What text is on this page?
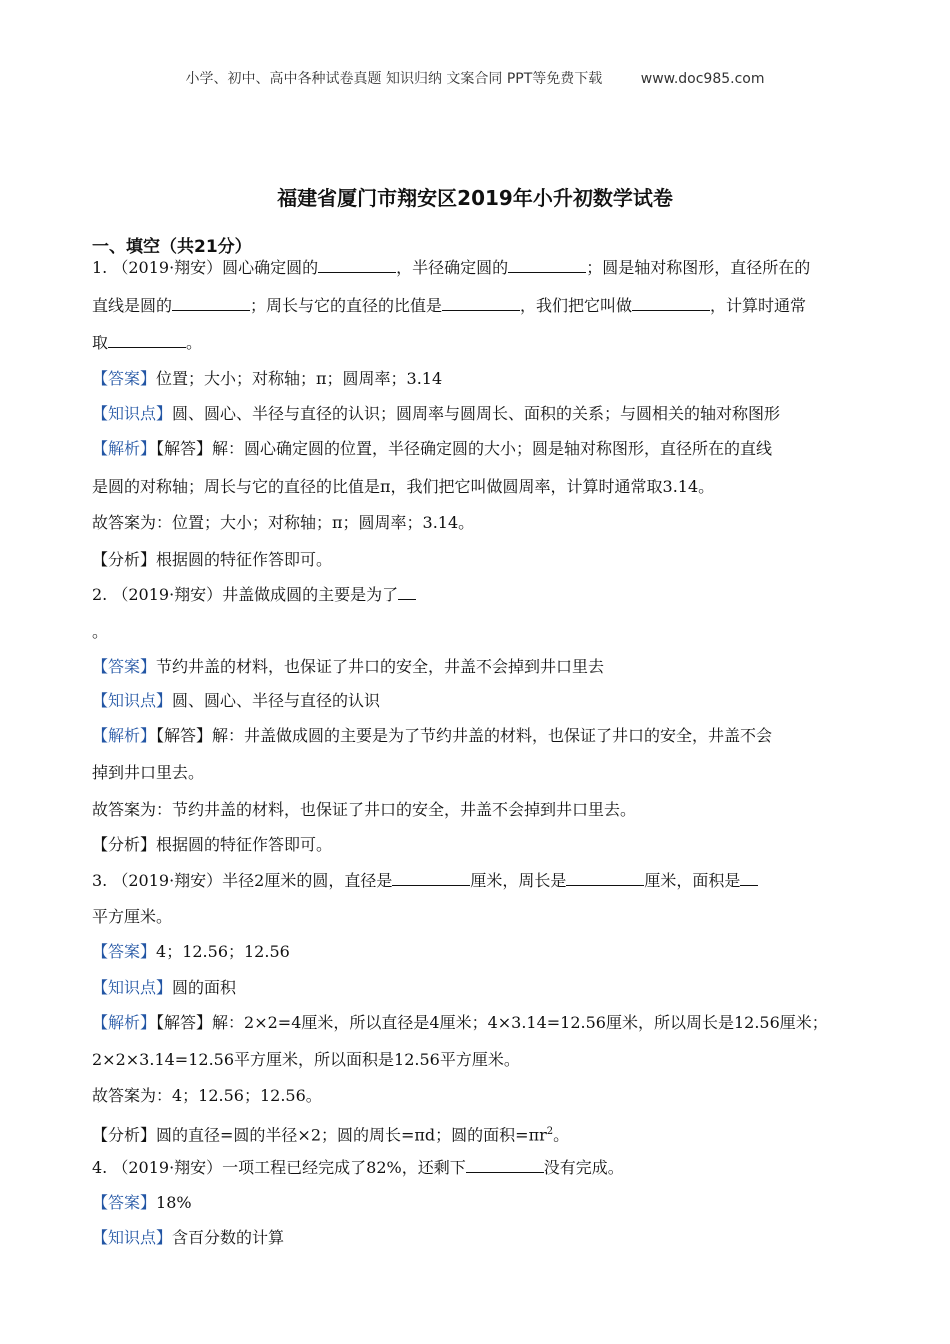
小学、初中、高中各种试卷真题 知识归纳 文案合同 PPT等免费下载	www.doc985.com
福建省厦门市翔安区2019年小升初数学试卷
一、填空（共21分）
1. （2019·翔安）圆心确定圆的	，半径确定圆的	；圆是轴对称图形，直径所在的
直线是圆的	；周长与它的直径的比值是	，我们把它叫做	，计算时通常
取	。
【答案】位置；大小；对称轴；π；圆周率；3.14
【知识点】圆、圆心、半径与直径的认识；圆周率与圆周长、面积的关系；与圆相关的轴对称图形
【解析】【解答】解：圆心确定圆的位置，半径确定圆的大小；圆是轴对称图形，直径所在的直线
是圆的对称轴；周长与它的直径的比值是π，我们把它叫做圆周率，计算时通常取3.14。
故答案为：位置；大小；对称轴；π；圆周率；3.14。
【分析】根据圆的特征作答即可。
2. （2019·翔安）井盖做成圆的主要是为了
。
【答案】节约井盖的材料，也保证了井口的安全，井盖不会掉到井口里去
【知识点】圆、圆心、半径与直径的认识
【解析】【解答】解：井盖做成圆的主要是为了节约井盖的材料，也保证了井口的安全，井盖不会
掉到井口里去。
故答案为：节约井盖的材料，也保证了井口的安全，井盖不会掉到井口里去。
【分析】根据圆的特征作答即可。
3. （2019·翔安）半径2厘米的圆，直径是	厘米，周长是	厘米，面积是
平方厘米。
【答案】4；12.56；12.56
【知识点】圆的面积
【解析】【解答】解：2×2=4厘米，所以直径是4厘米；4×3.14=12.56厘米，所以周长是12.56厘米；
2×2×3.14=12.56平方厘米，所以面积是12.56平方厘米。
故答案为：4；12.56；12.56。
【分析】圆的直径=圆的半径×2；圆的周长=πd；圆的面积$=\pi r^2$。
4. （2019·翔安）一项工程已经完成了82%，还剩下	没有完成。
【答案】18%
【知识点】含百分数的计算
